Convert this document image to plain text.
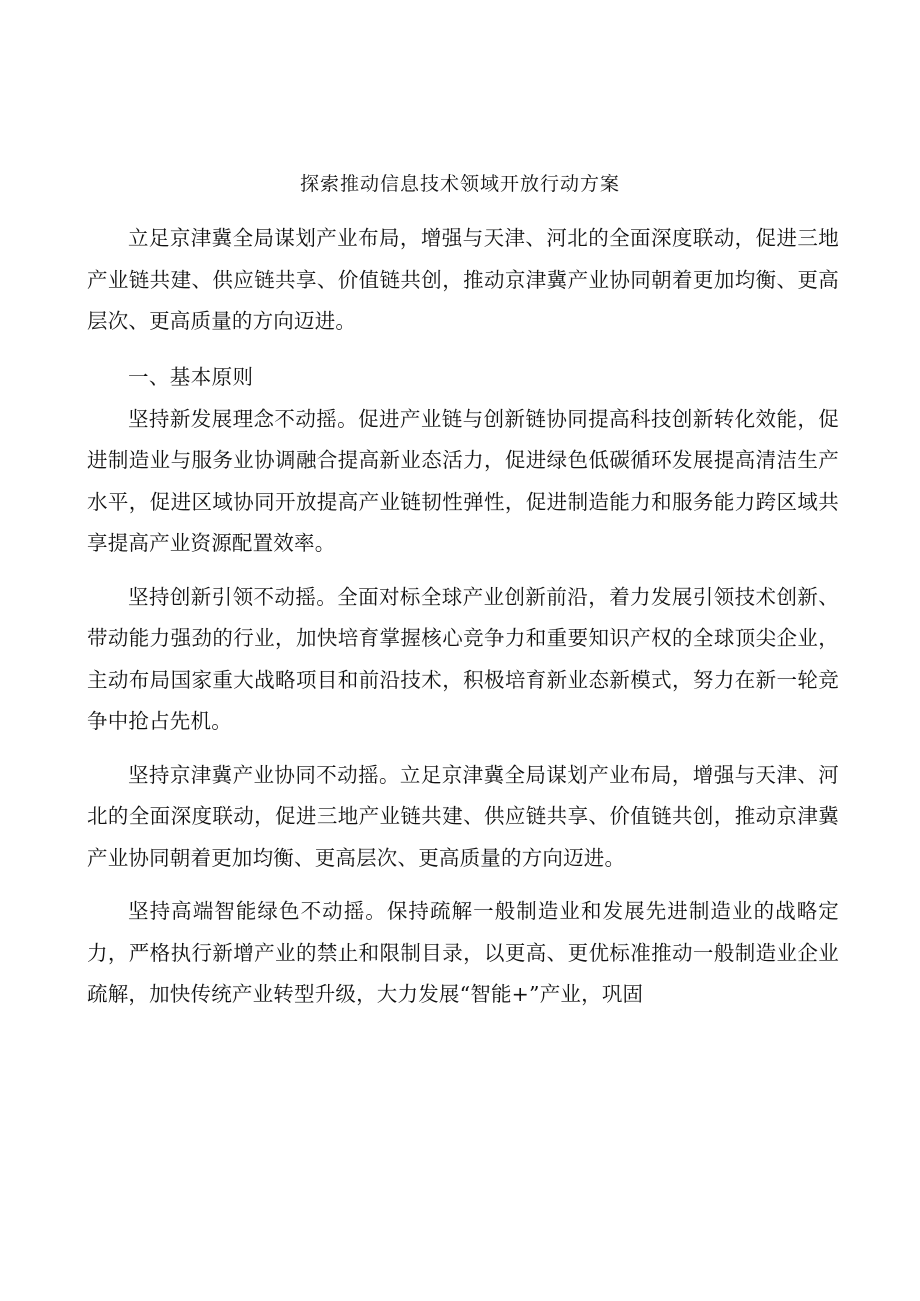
探索推动信息技术领域开放行动方案

立足京津冀全局谋划产业布局，增强与天津、河北的全面深度联动，促进三地产业链共建、供应链共享、价值链共创，推动京津冀产业协同朝着更加均衡、更高层次、更高质量的方向迈进。

一、基本原则

坚持新发展理念不动摇。促进产业链与创新链协同提高科技创新转化效能，促进制造业与服务业协调融合提高新业态活力，促进绿色低碳循环发展提高清洁生产水平，促进区域协同开放提高产业链韧性弹性，促进制造能力和服务能力跨区域共享提高产业资源配置效率。

坚持创新引领不动摇。全面对标全球产业创新前沿，着力发展引领技术创新、带动能力强劲的行业，加快培育掌握核心竞争力和重要知识产权的全球顶尖企业，主动布局国家重大战略项目和前沿技术，积极培育新业态新模式，努力在新一轮竞争中抢占先机。

坚持京津冀产业协同不动摇。立足京津冀全局谋划产业布局，增强与天津、河北的全面深度联动，促进三地产业链共建、供应链共享、价值链共创，推动京津冀产业协同朝着更加均衡、更高层次、更高质量的方向迈进。

坚持高端智能绿色不动摇。保持疏解一般制造业和发展先进制造业的战略定力，严格执行新增产业的禁止和限制目录，以更高、更优标准推动一般制造业企业疏解，加快传统产业转型升级，大力发展“智能+”产业，巩固
